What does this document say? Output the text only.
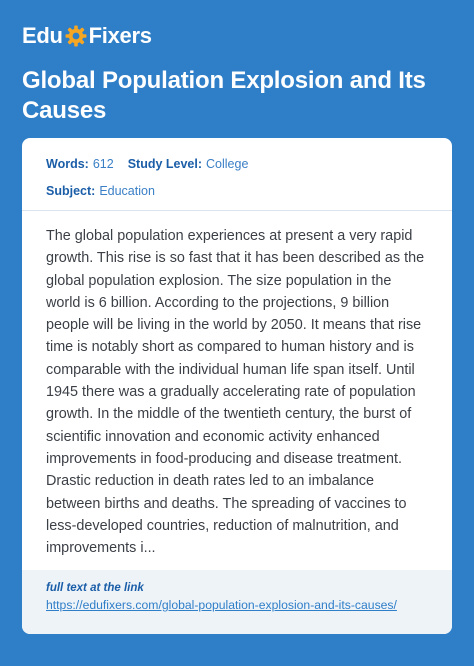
Edu Fixers
Global Population Explosion and Its Causes
Words: 612 Study Level: College
Subject: Education

The global population experiences at present a very rapid growth. This rise is so fast that it has been described as the global population explosion. The size population in the world is 6 billion. According to the projections, 9 billion people will be living in the world by 2050. It means that rise time is notably short as compared to human history and is comparable with the individual human life span itself. Until 1945 there was a gradually accelerating rate of population growth. In the middle of the twentieth century, the burst of scientific innovation and economic activity enhanced improvements in food-producing and disease treatment. Drastic reduction in death rates led to an imbalance between births and deaths. The spreading of vaccines to less-developed countries, reduction of malnutrition, and improvements i...

full text at the link
https://edufixers.com/global-population-explosion-and-its-causes/
